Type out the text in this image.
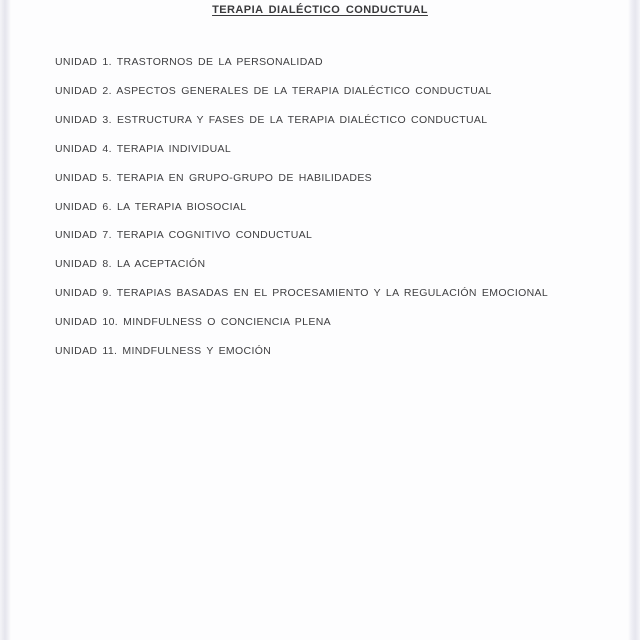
TERAPIA DIALÉCTICO CONDUCTUAL
UNIDAD 1. TRASTORNOS DE LA PERSONALIDAD
UNIDAD 2. ASPECTOS GENERALES DE LA TERAPIA DIALÉCTICO CONDUCTUAL
UNIDAD 3. ESTRUCTURA Y FASES DE LA TERAPIA DIALÉCTICO CONDUCTUAL
UNIDAD 4. TERAPIA INDIVIDUAL
UNIDAD 5. TERAPIA EN GRUPO-GRUPO DE HABILIDADES
UNIDAD 6. LA TERAPIA BIOSOCIAL
UNIDAD 7. TERAPIA COGNITIVO CONDUCTUAL
UNIDAD 8. LA ACEPTACIÓN
UNIDAD 9. TERAPIAS BASADAS EN EL PROCESAMIENTO Y LA REGULACIÓN EMOCIONAL
UNIDAD 10. MINDFULNESS O CONCIENCIA PLENA
UNIDAD 11. MINDFULNESS Y EMOCIÓN
